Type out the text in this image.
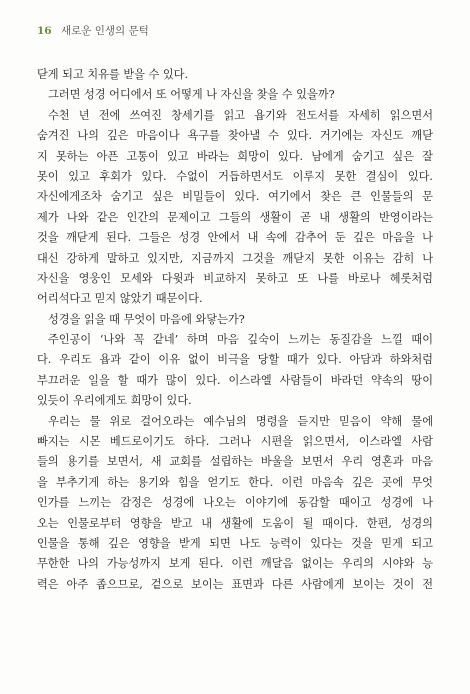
16 새로운 인생의 문턱
닫게 되고 치유를 받을 수 있다.
그러면 성경 어디에서 또 어떻게 나 자신을 찾을 수 있을까?
수천 년 전에 쓰여진 창세기를 읽고 욥기와 전도서를 자세히 읽으면서
숨겨진 나의 깊은 마음이나 욕구를 찾아낼 수 있다. 거기에는 자신도 깨닫
지 못하는 아픈 고통이 있고 바라는 희망이 있다. 남에게 숨기고 싶은 잘
못이 있고 후회가 있다. 수없이 거듭하면서도 이루지 못한 결심이 있다.
자신에게조차 숨기고 싶은 비밀들이 있다. 여기에서 찾은 큰 인물들의 문
제가 나와 같은 인간의 문제이고 그들의 생활이 곧 내 생활의 반영이라는
것을 깨닫게 된다. 그들은 성경 안에서 내 속에 감추어 둔 깊은 마음을 나
대신 강하게 말하고 있지만, 지금까지 그것을 깨닫지 못한 이유는 감히 나
자신을 영웅인 모세와 다윗과 비교하지 못하고 또 나를 바로나 헤롯처럼
어리석다고 믿지 않았기 때문이다.
성경을 읽을 때 무엇이 마음에 와닿는가?
주인공이 ‘나와 꼭 같네’ 하며 마음 깊숙이 느끼는 동질감을 느낄 때이
다. 우리도 욥과 같이 이유 없이 비극을 당할 때가 있다. 아담과 하와처럼
부끄러운 일을 할 때가 많이 있다. 이스라엘 사람들이 바라던 약속의 땅이
있듯이 우리에게도 희망이 있다.
우리는 물 위로 걸어오라는 예수님의 명령을 듣지만 믿음이 약해 물에
빠지는 시몬 베드로이기도 하다. 그러나 시편을 읽으면서, 이스라엘 사람
들의 용기를 보면서, 새 교회를 설립하는 바울을 보면서 우리 영혼과 마음
을 부추기게 하는 용기와 힘을 얻기도 한다. 이런 마음속 깊은 곳에 무엇
인가를 느끼는 감정은 성경에 나오는 이야기에 동감할 때이고 성경에 나
오는 인물로부터 영향을 받고 내 생활에 도움이 될 때이다. 한편, 성경의
인물을 통해 깊은 영향을 받게 되면 나도 능력이 있다는 것을 믿게 되고
무한한 나의 가능성까지 보게 된다. 이런 깨달음 없이는 우리의 시야와 능
력은 아주 좁으므로, 겉으로 보이는 표면과 다른 사람에게 보이는 것이 전
